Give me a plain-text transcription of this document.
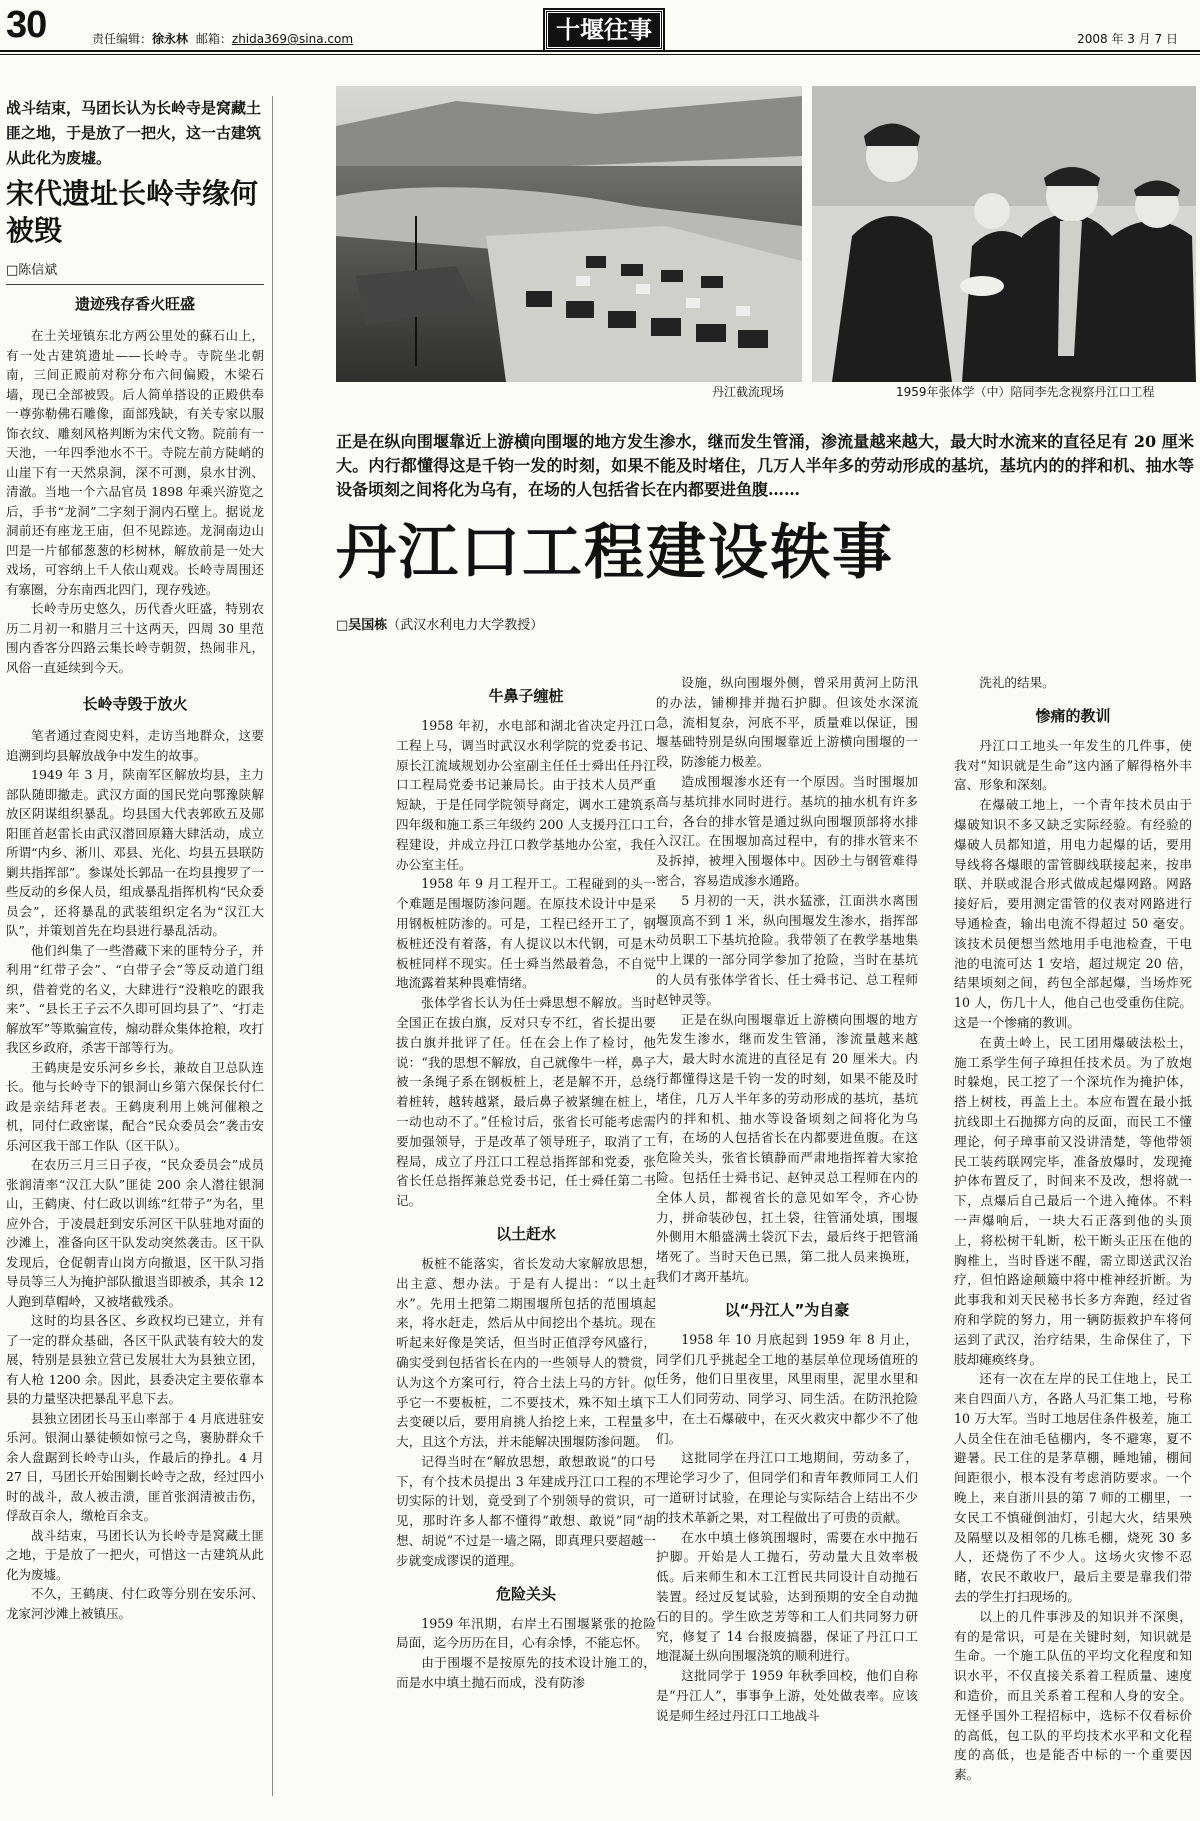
30	责任编辑：徐永林 邮箱：zhida369@sina.com	十堰往事	2008 年 3 月 7 日

战斗结束，马团长认为长岭寺是窝藏土匪之地，于是放了一把火，这一古建筑从此化为废墟。

宋代遗址长岭寺缘何被毁
□陈信斌
遗迹残存香火旺盛

在土关垭镇东北方两公里处的蘇石山上，有一处古建筑遗址——长岭寺。寺院坐北朝南，三间正殿前对称分布六间偏殿，木梁石墙，现已全部被毁。后人简单搭设的正殿供奉一尊弥勒佛石雕像，面部残缺，有关专家以服饰衣纹、雕刻风格判断为宋代文物。院前有一天池，一年四季池水不干。寺院左前方陡峭的山崖下有一天然泉洞，深不可测，泉水甘洌、清澈。当地一个六品官员 1898 年乘兴游览之后，手书“龙洞”二字刻于洞内石壁上。据说龙洞前还有座龙王庙，但不见踪迹。龙洞南边山凹是一片郁郁葱葱的杉树林，解放前是一处大戏场，可容纳上千人依山观戏。长岭寺周围还有寨圈，分东南西北四门，现存残迹。

长岭寺历史悠久，历代香火旺盛，特别农历二月初一和腊月三十这两天，四周 30 里范围内香客分四路云集长岭寺朝贺，热闹非凡，风俗一直延续到今天。

长岭寺毁于放火

笔者通过查阅史料，走访当地群众，这要追溯到均县解放战争中发生的故事。

1949 年 3 月，陕南军区解放均县，主力部队随即撤走。武汉方面的国民党向鄂豫陕解放区阴谋组织暴乱。均县国大代表郭欧五及郧阳匪首赵雷长由武汉潜回原籍大肆活动，成立所谓“内乡、淅川、邓县、光化、均县五县联防剿共指挥部”。参谋处长郭品一在均县搜罗了一些反动的乡保人员，组成暴乱指挥机构“民众委员会”，还将暴乱的武装组织定名为“汉江大队”，并策划首先在均县进行暴乱活动。

他们纠集了一些潜藏下来的匪特分子，并利用“红带子会”、“白带子会”等反动道门组织，借着党的名义，大肆进行“没粮吃的跟我来”、“县长王子云不久即可回均县了”、“打走解放军”等欺骗宣传，煽动群众集体抢粮，攻打我区乡政府，杀害干部等行为。

王鹤庚是安乐河乡乡长，兼故自卫总队连长。他与长岭寺下的银洞山乡第六保保长付仁政是亲结拜老表。王鹤庚利用上姚河催粮之机，同付仁政密谋，配合“民众委员会”袭击安乐河区我干部工作队（区干队）。

在农历三月三日子夜，“民众委员会”成员张润清率“汉江大队”匪徒 200 余人潜往银洞山，王鹤庚、付仁政以训练“红带子”为名，里应外合，于凌晨赶到安乐河区干队驻地对面的沙滩上，准备向区干队发动突然袭击。区干队发现后，仓促朝青山岗方向撤退，区干队习指导员等三人为掩护部队撤退当即被杀，其余 12 人跑到草帽岭，又被堵截残杀。

这时的均县各区、乡政权均已建立，并有了一定的群众基础，各区干队武装有较大的发展，特别是县独立营已发展壮大为县独立团，有人枪 1200 余。因此，县委决定主要依靠本县的力量坚决把暴乱平息下去。

县独立团团长马玉山率部于 4 月底进驻安乐河。银洞山暴徒顿如惊弓之鸟，裹胁群众千余人盘踞到长岭寺山头，作最后的挣扎。4 月 27 日，马团长开始围剿长岭寺之敌，经过四小时的战斗，敌人被击溃，匪首张润清被击伤，俘敌百余人，缴枪百余支。

战斗结束，马团长认为长岭寺是窝藏土匪之地，于是放了一把火，可惜这一古建筑从此化为废墟。

不久，王鹤庚、付仁政等分别在安乐河、龙家河沙滩上被镇压。

丹江截流现场	1959年张体学（中）陪同李先念视察丹江口工程
正是在纵向围堰靠近上游横向围堰的地方发生渗水，继而发生管涌，渗流量越来越大，最大时水流来的直径足有 20 厘米大。内行都懂得这是千钧一发的时刻，如果不能及时堵住，几万人半年多的劳动形成的基坑，基坑内的的拌和机、抽水等设备顷刻之间将化为乌有，在场的人包括省长在内都要进鱼腹……
丹江口工程建设轶事
□吴国栋（武汉水利电力大学教授）
牛鼻子缠桩

1958 年初，水电部和湖北省决定丹江口工程上马，调当时武汉水利学院的党委书记、原长江流域规划办公室副主任任士舜出任丹江口工程局党委书记兼局长。由于技术人员严重短缺，于是任同学院领导商定，调水工建筑系四年级和施工系三年级约 200 人支援丹江口工程建设，并成立丹江口教学基地办公室，我任办公室主任。

1958 年 9 月工程开工。工程碰到的头一个难题是围堰防渗问题。在原技术设计中是采用钢板桩防渗的。可是，工程已经开工了，钢板桩还没有着落，有人提议以木代钢，可是木板桩同样不现实。任士舜当然最着急，不自觉地流露着某种畏难情绪。

张体学省长认为任士舜思想不解放。当时全国正在拔白旗，反对只专不红，省长提出要拔白旗并批评了任。任在会上作了检讨，他说：“我的思想不解放，自己就像牛一样，鼻子被一条绳子系在钢板桩上，老是解不开，总绕着桩转，越转越紧，最后鼻子被紧缠在桩上，一动也动不了。”任检讨后，张省长可能考虑需要加强领导，于是改革了领导班子，取消了工程局，成立了丹江口工程总指挥部和党委，张省长任总指挥兼总党委书记，任士舜任第二书记。

以土赶水

板桩不能落实，省长发动大家解放思想，出主意、想办法。于是有人提出：“以土赶水”。先用土把第二期围堰所包括的范围填起来，将水赶走，然后从中间挖出个基坑。现在听起来好像是笑话，但当时正值浮夸风盛行，确实受到包括省长在内的一些领导人的赞赏，认为这个方案可行，符合土法上马的方针。似乎它一不要板桩，二不要技术，殊不知土填下去变硬以后，要用肩挑人抬挖上来，工程量多大，且这个方法，并未能解决围堰防渗问题。

记得当时在“解放思想，敢想敢说”的口号下，有个技术员提出 3 年建成丹江口工程的不切实际的计划，竟受到了个别领导的赏识，可见，那时许多人都不懂得“敢想、敢说”同“胡想、胡说”不过是一墙之隔，即真理只要超越一步就变成谬误的道理。

危险关头

1959 年汛期，右岸土石围堰紧张的抢险局面，迄今历历在目，心有余悸，不能忘怀。

由于围堰不是按原先的技术设计施工的，而是水中填土抛石而成，没有防渗

设施，纵向围堰外侧，曾采用黄河上防汛的办法，铺柳排并抛石护脚。但该处水深流急，流相复杂，河底不平，质量难以保证，围堰基础特别是纵向围堰靠近上游横向围堰的一段，防渗能力极差。

造成围堰渗水还有一个原因。当时围堰加高与基坑排水同时进行。基坑的抽水机有许多台，各台的排水管是通过纵向围堰顶部将水排入汉江。在围堰加高过程中，有的排水管来不及拆掉，被埋入围堰体中。因砂土与钢管难得密合，容易造成渗水通路。

5 月初的一天，洪水猛涨，江面洪水离围堰顶高不到 1 米，纵向围堰发生渗水，指挥部动员职工下基坑抢险。我带领了在教学基地集中上课的一部分同学参加了抢险，当时在基坑的人员有张体学省长、任士舜书记、总工程师赵钟灵等。

正是在纵向围堰靠近上游横向围堰的地方先发生渗水，继而发生管涌，渗流量越来越大，最大时水流进的直径足有 20 厘米大。内行都懂得这是千钧一发的时刻，如果不能及时堵住，几万人半年多的劳动形成的基坑，基坑内的拌和机、抽水等设备顷刻之间将化为乌有，在场的人包括省长在内都要进鱼腹。在这危险关头，张省长镇静而严肃地指挥着大家抢险。包括任士舜书记、赵钟灵总工程师在内的全体人员，都视省长的意见如军令，齐心协力，拼命装砂包，扛土袋，往管涌处填，围堰外侧用木船盛满土袋沉下去，最后终于把管涌堵死了。当时天色已黑，第二批人员来换班，我们才离开基坑。

以“丹江人”为自豪

1958 年 10 月底起到 1959 年 8 月止，同学们几乎挑起全工地的基层单位现场值班的任务，他们日里夜里，风里雨里，泥里水里和工人们同劳动、同学习、同生活。在防汛抢险中，在土石爆破中，在灭火救灾中都少不了他们。

这批同学在丹江口工地期间，劳动多了，理论学习少了，但同学们和青年教师同工人们一道研讨试验，在理论与实际结合上结出不少的技术革新之果，对工程做出了可贵的贡献。

在水中填土修筑围堰时，需要在水中抛石护脚。开始是人工抛石，劳动量大且效率极低。后来师生和木工江哲民共同设计自动抛石装置。经过反复试验，达到预期的安全自动抛石的目的。学生欧芝芳等和工人们共同努力研究，修复了 14 台报废搞器，保证了丹江口工地混凝土纵向围堰浇筑的顺利进行。

这批同学于 1959 年秋季回校，他们自称是“丹江人”，事事争上游，处处做表率。应该说是师生经过丹江口工地战斗

洗礼的结果。

惨痛的教训

丹江口工地头一年发生的几件事，使我对“知识就是生命”这内涵了解得格外丰富、形象和深刻。

在爆破工地上，一个青年技术员由于爆破知识不多又缺乏实际经验。有经验的爆破人员都知道，用电力起爆的话，要用导线将各爆眼的雷管脚线联接起来，按串联、并联或混合形式做成起爆网路。网路接好后，要用测定雷管的仪表对网路进行导通检查，输出电流不得超过 50 毫安。该技术员便想当然地用手电池检查，干电池的电流可达 1 安培，超过规定 20 倍，结果顷刻之间，药包全部起爆，当场炸死 10 人，伤几十人，他自己也受重伤住院。这是一个惨痛的教训。

在黄土岭上，民工团用爆破法松土，施工系学生何子璋担任技术员。为了放炮时躲炮，民工挖了一个深坑作为掩护体，搭上树枝，再盖上土。本应布置在最小抵抗线即土石抛掷方向的反面，而民工不懂理论，何子璋事前又没讲清楚，等他带领民工装药联网完毕，准备放爆时，发现掩护体布置反了，时间来不及改，想将就一下，点爆后自己最后一个进入掩体。不料一声爆响后，一块大石正落到他的头顶上，将松树干轧断，松干断头正压在他的胸椎上，当时昏迷不醒，需立即送武汉治疗，但怕路途颠簸中将中椎神经折断。为此事我和刘天民秘书长多方奔跑，经过省府和学院的努力，用一辆防振救护车将何运到了武汉，治疗结果，生命保住了，下肢却瘫痪终身。

还有一次在左岸的民工住地上，民工来自四面八方，各路人马汇集工地，号称 10 万大军。当时工地居住条件极差，施工人员全住在油毛毡棚内，冬不避寒，夏不避暑。民工住的是茅草棚，睡地铺，棚间间距很小，根本没有考虑消防要求。一个晚上，来自浙川县的第 7 师的工棚里，一女民工不慎碰倒油灯，引起大火，结果殃及隔壁以及相邻的几栋毛棚，烧死 30 多人，还烧伤了不少人。这场火灾惨不忍睹，农民不敢收尸，最后主要是靠我们带去的学生打扫现场的。

以上的几件事涉及的知识并不深奥，有的是常识，可是在关键时刻，知识就是生命。一个施工队伍的平均文化程度和知识水平，不仅直接关系着工程质量、速度和造价，而且关系着工程和人身的安全。无怪乎国外工程招标中，选标不仅看标价的高低，包工队的平均技术水平和文化程度的高低，也是能否中标的一个重要因素。
